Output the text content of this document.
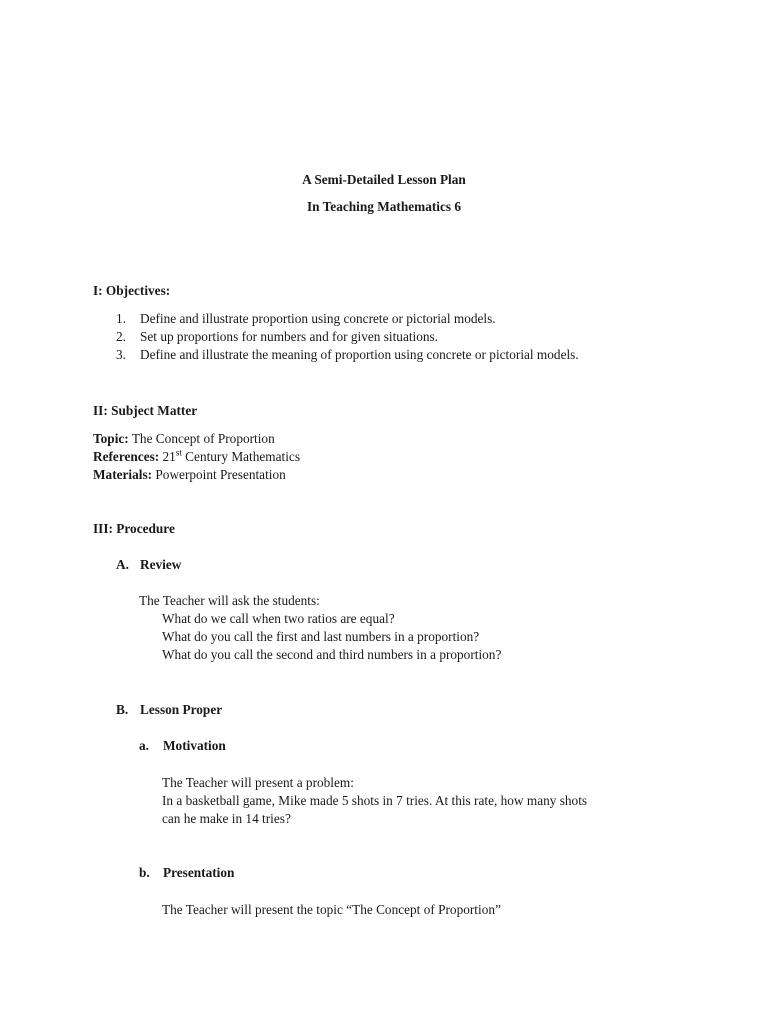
A Semi-Detailed Lesson Plan
In Teaching Mathematics 6
I: Objectives:
1. Define and illustrate proportion using concrete or pictorial models.
2. Set up proportions for numbers and for given situations.
3. Define and illustrate the meaning of proportion using concrete or pictorial models.
II: Subject Matter
Topic: The Concept of Proportion
References: 21st Century Mathematics
Materials: Powerpoint Presentation
III: Procedure
A. Review
The Teacher will ask the students:
What do we call when two ratios are equal?
What do you call the first and last numbers in a proportion?
What do you call the second and third numbers in a proportion?
B. Lesson Proper
a. Motivation
The Teacher will present a problem:
In a basketball game, Mike made 5 shots in 7 tries. At this rate, how many shots
can he make in 14 tries?
b. Presentation
The Teacher will present the topic “The Concept of Proportion”
